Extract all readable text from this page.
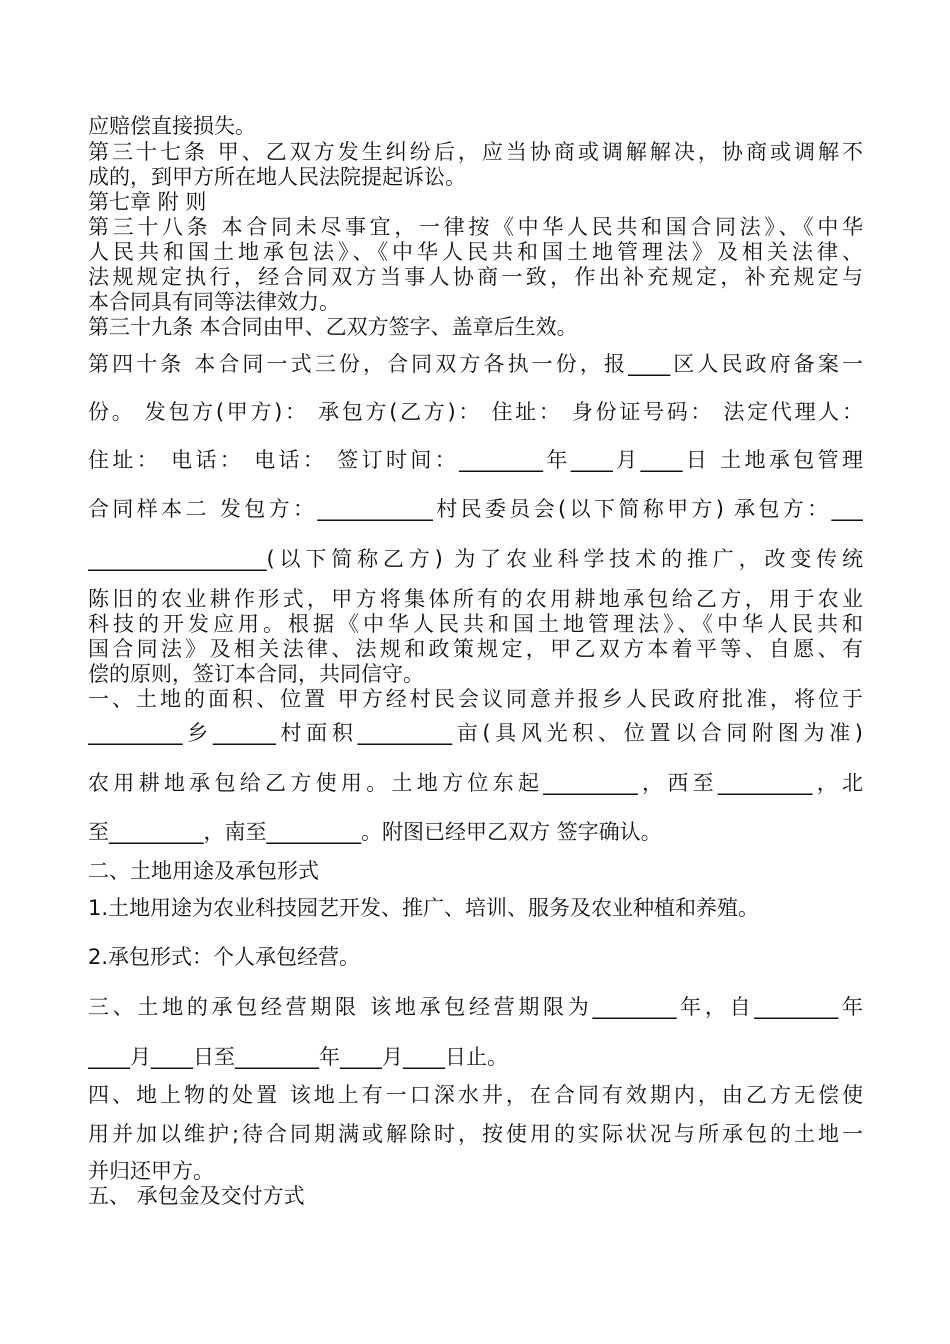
应赔偿直接损失。
第三十七条 甲、乙双方发生纠纷后，应当协商或调解解决，协商或调解不
成的，到甲方所在地人民法院提起诉讼。
第七章 附 则
第三十八条 本合同未尽事宜，一律按《中华人民共和国合同法》、《中华
人民共和国土地承包法》、《中华人民共和国土地管理法》及相关法律、
法规规定执行，经合同双方当事人协商一致，作出补充规定，补充规定与
本合同具有同等法律效力。
第三十九条 本合同由甲、乙双方签字、盖章后生效。
第四十条 本合同一式三份，合同双方各执一份，报____区人民政府备案一
份。 发包方(甲方)： 承包方(乙方)： 住址： 身份证号码： 法定代理人：
住址： 电话： 电话： 签订时间：________年____月____日 土地承包管理
合同样本二 发包方：___________村民委员会(以下简称甲方) 承包方：___
_________________(以下简称乙方) 为了农业科学技术的推广，改变传统
陈旧的农业耕作形式，甲方将集体所有的农用耕地承包给乙方，用于农业
科技的开发应用。根据《中华人民共和国土地管理法》、《中华人民共和
国合同法》及相关法律、法规和政策规定，甲乙双方本着平等、自愿、有
偿的原则，签订本合同，共同信守。
一、土地的面积、位置 甲方经村民会议同意并报乡人民政府批准，将位于
_________乡______村面积_________亩(具风光积、位置以合同附图为准)
农用耕地承包给乙方使用。土地方位东起_________，西至_________，北
至_________，南至_________。附图已经甲乙双方 签字确认。
二、土地用途及承包形式
1.土地用途为农业科技园艺开发、推广、培训、服务及农业种植和养殖。
2.承包形式：个人承包经营。
三、土地的承包经营期限 该地承包经营期限为________年，自________年
____月____日至________年____月____日止。
四、地上物的处置 该地上有一口深水井，在合同有效期内，由乙方无偿使
用并加以维护;待合同期满或解除时，按使用的实际状况与所承包的土地一
并归还甲方。
五、 承包金及交付方式
